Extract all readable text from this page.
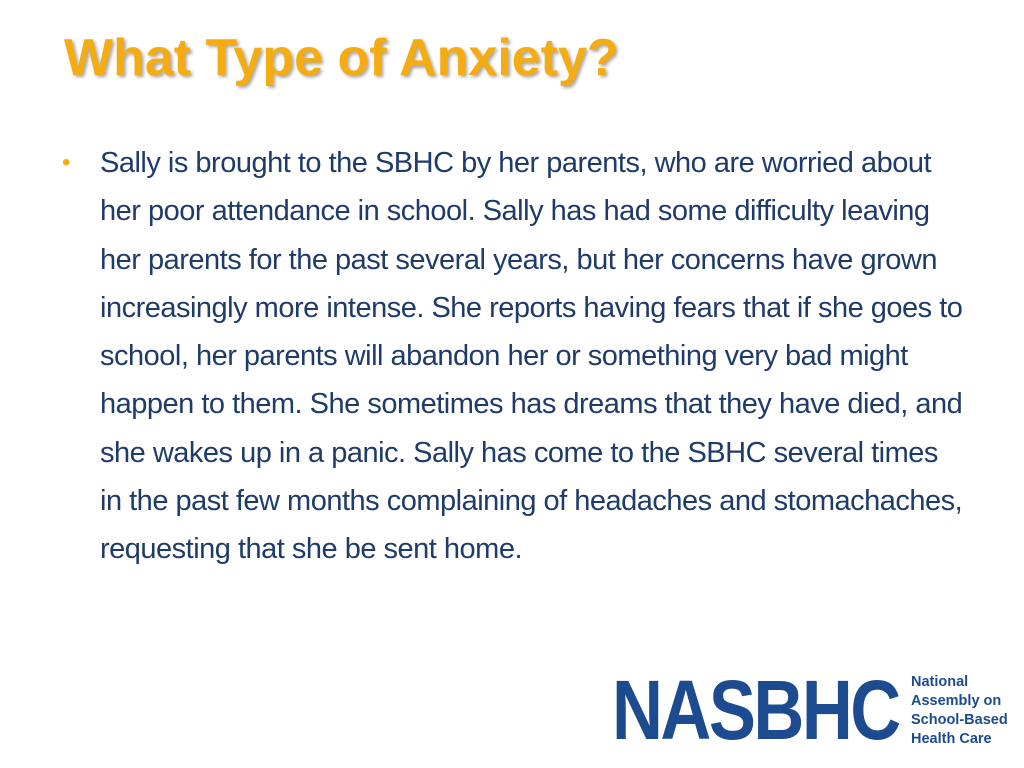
What Type of Anxiety?
• Sally is brought to the SBHC by her parents, who are worried about her poor attendance in school. Sally has had some difficulty leaving her parents for the past several years, but her concerns have grown increasingly more intense. She reports having fears that if she goes to school, her parents will abandon her or something very bad might happen to them. She sometimes has dreams that they have died, and she wakes up in a panic. Sally has come to the SBHC several times in the past few months complaining of headaches and stomachaches, requesting that she be sent home.
NASBHC National
Assembly on
School-Based
Health Care
